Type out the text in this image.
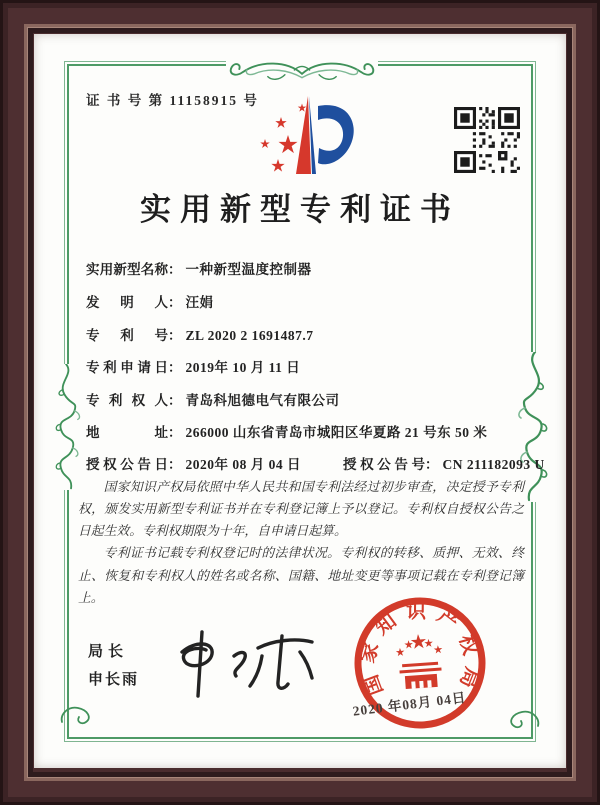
证 书 号 第 11158915 号
实用新型专利证书
实用新型名称： 一种新型温度控制器
发明人： 汪娟
专利号： ZL 2020 2 1691487.7
专利申请日： 2019年 10 月 11 日
专利权人： 青岛科旭德电气有限公司
地址： 266000 山东省青岛市城阳区华夏路 21 号东 50 米
授权公告日： 2020年 08 月 04 日	授权公告号： CN 211182093 U

国家知识产权局依照中华人民共和国专利法经过初步审查，决定授予专利权，颁发实用新型专利证书并在专利登记簿上予以登记。专利权自授权公告之日起生效。专利权期限为十年，自申请日起算。

专利证书记载专利权登记时的法律状况。专利权的转移、质押、无效、终止、恢复和专利权人的姓名或名称、国籍、地址变更等事项记载在专利登记簿上。

局长
申长雨	国家知识产权局
2020 年08月 04日
